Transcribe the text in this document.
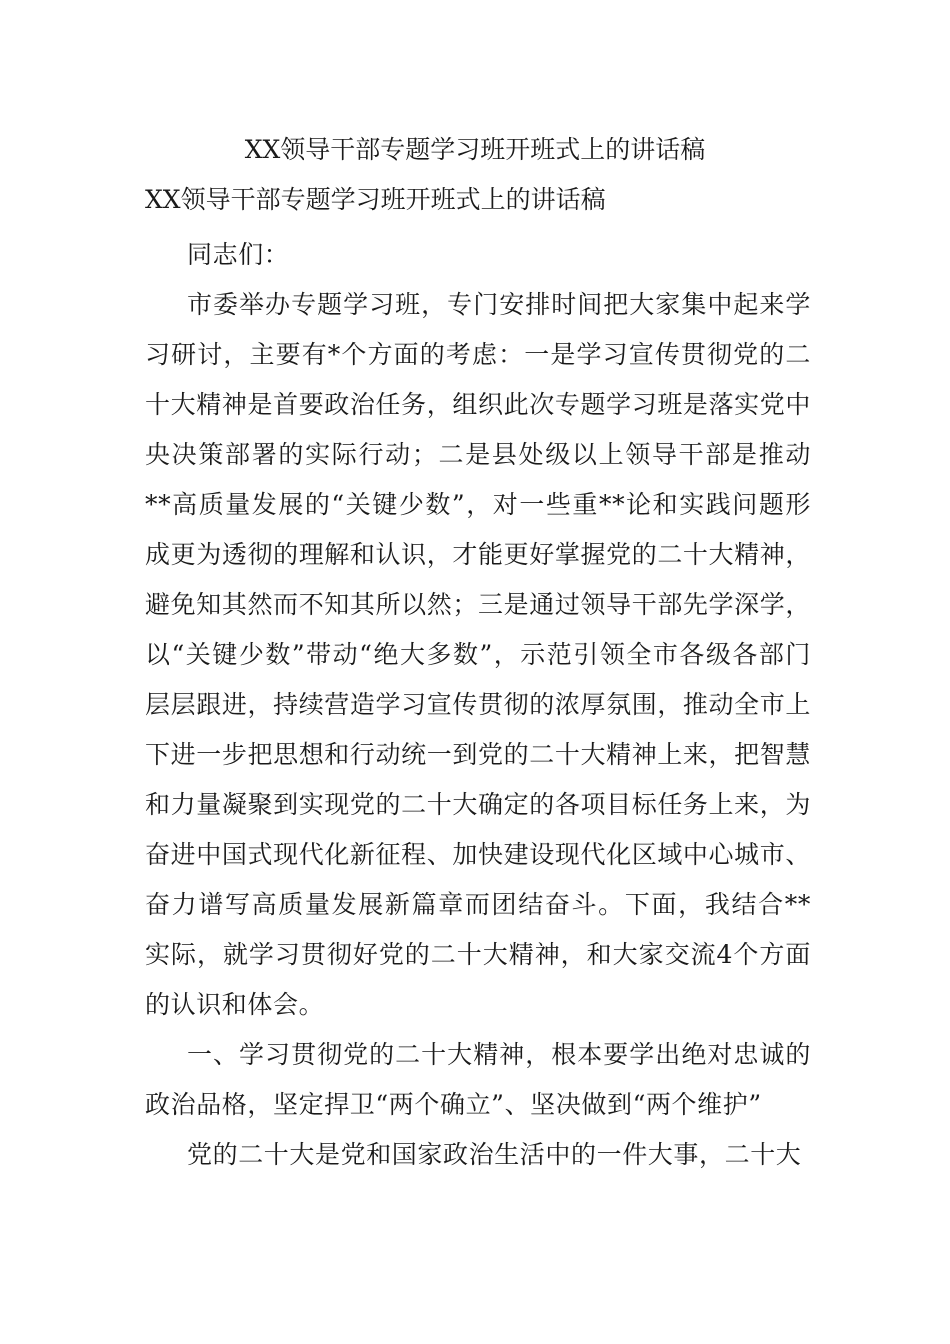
XX领导干部专题学习班开班式上的讲话稿
XX领导干部专题学习班开班式上的讲话稿

同志们：

市委举办专题学习班，专门安排时间把大家集中起来学习研讨，主要有*个方面的考虑：一是学习宣传贯彻党的二十大精神是首要政治任务，组织此次专题学习班是落实党中央决策部署的实际行动；二是县处级以上领导干部是推动**高质量发展的“关键少数”，对一些重**论和实践问题形成更为透彻的理解和认识，才能更好掌握党的二十大精神，避免知其然而不知其所以然；三是通过领导干部先学深学，以“关键少数”带动“绝大多数”，示范引领全市各级各部门层层跟进，持续营造学习宣传贯彻的浓厚氛围，推动全市上下进一步把思想和行动统一到党的二十大精神上来，把智慧和力量凝聚到实现党的二十大确定的各项目标任务上来，为奋进中国式现代化新征程、加快建设现代化区域中心城市、奋力谱写高质量发展新篇章而团结奋斗。下面，我结合**实际，就学习贯彻好党的二十大精神，和大家交流4个方面的认识和体会。

一、学习贯彻党的二十大精神，根本要学出绝对忠诚的政治品格，坚定捍卫“两个确立”、坚决做到“两个维护”

党的二十大是党和国家政治生活中的一件大事，二十大
